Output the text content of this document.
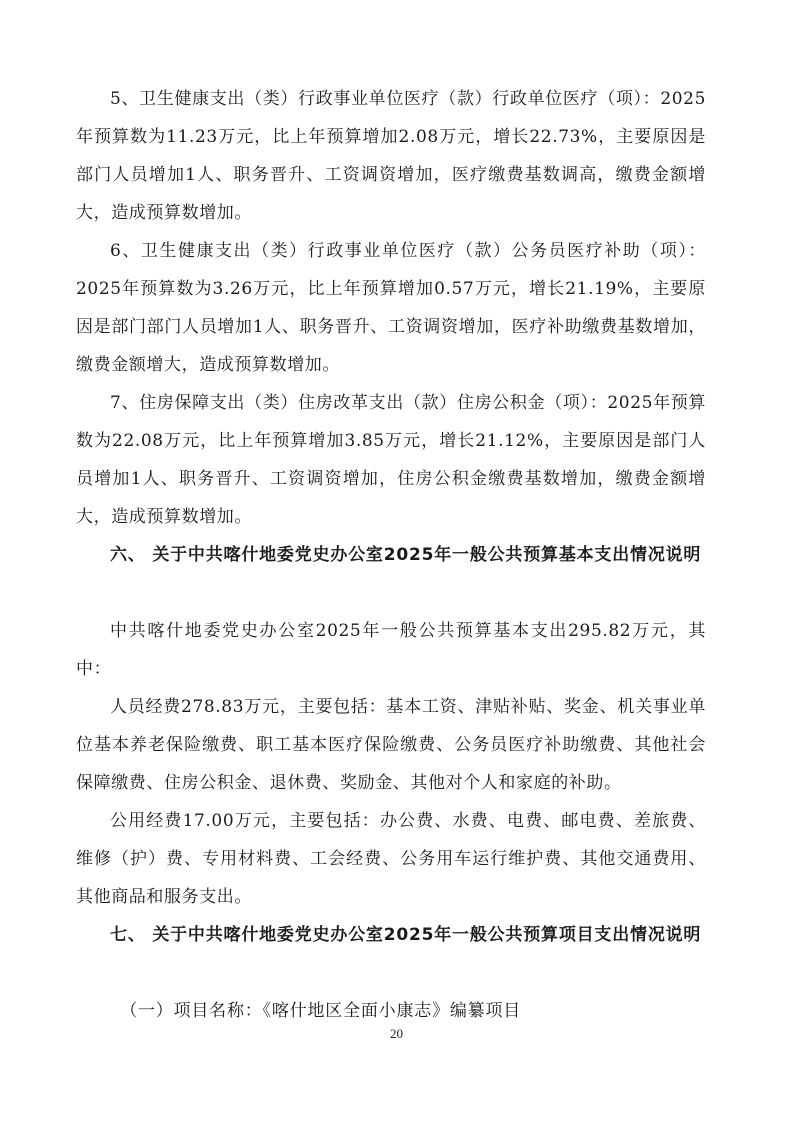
5、卫生健康支出（类）行政事业单位医疗（款）行政单位医疗（项）：2025年预算数为11.23万元，比上年预算增加2.08万元，增长22.73%，主要原因是部门人员增加1人、职务晋升、工资调资增加，医疗缴费基数调高，缴费金额增大，造成预算数增加。

6、卫生健康支出（类）行政事业单位医疗（款）公务员医疗补助（项）：2025年预算数为3.26万元，比上年预算增加0.57万元，增长21.19%，主要原因是部门部门人员增加1人、职务晋升、工资调资增加，医疗补助缴费基数增加，缴费金额增大，造成预算数增加。

7、住房保障支出（类）住房改革支出（款）住房公积金（项）：2025年预算数为22.08万元，比上年预算增加3.85万元，增长21.12%，主要原因是部门人员增加1人、职务晋升、工资调资增加，住房公积金缴费基数增加，缴费金额增大，造成预算数增加。

六、 关于中共喀什地委党史办公室2025年一般公共预算基本支出情况说明

中共喀什地委党史办公室2025年一般公共预算基本支出295.82万元，其中：

人员经费278.83万元，主要包括：基本工资、津贴补贴、奖金、机关事业单位基本养老保险缴费、职工基本医疗保险缴费、公务员医疗补助缴费、其他社会保障缴费、住房公积金、退休费、奖励金、其他对个人和家庭的补助。

公用经费17.00万元，主要包括：办公费、水费、电费、邮电费、差旅费、维修（护）费、专用材料费、工会经费、公务用车运行维护费、其他交通费用、其他商品和服务支出。

七、 关于中共喀什地委党史办公室2025年一般公共预算项目支出情况说明

（一）项目名称：《喀什地区全面小康志》编纂项目

20
